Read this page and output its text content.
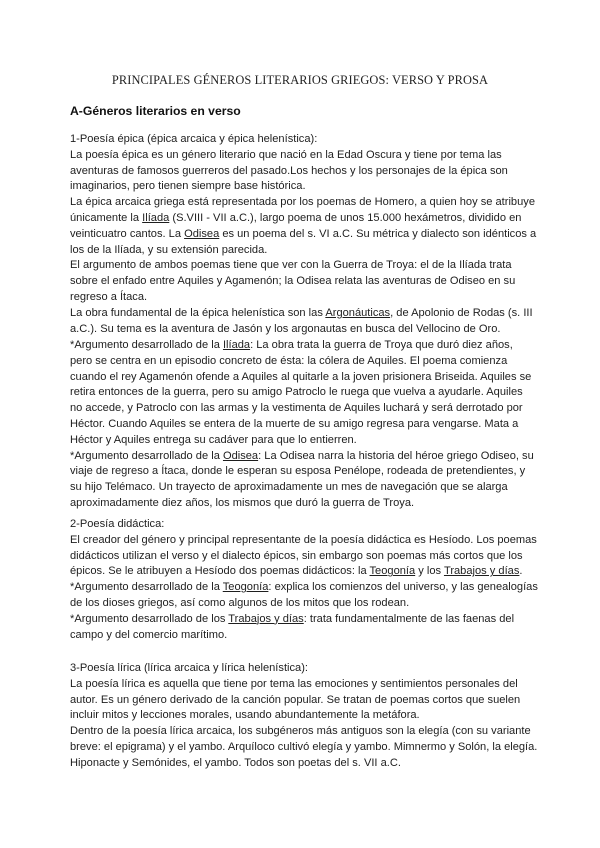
PRINCIPALES GÉNEROS LITERARIOS GRIEGOS: VERSO Y PROSA
A-Géneros literarios en verso

1-Poesía épica (épica arcaica y épica helenística):

La poesía épica es un género literario que nació en la Edad Oscura y tiene por tema las aventuras de famosos guerreros del pasado.Los hechos y los personajes de la épica son imaginarios, pero tienen siempre base histórica.

La épica arcaica griega está representada por los poemas de Homero, a quien hoy se atribuye únicamente la Ilíada (S.VIII - VII a.C.), largo poema de unos 15.000 hexámetros, dividido en veinticuatro cantos. La Odisea es un poema del s. VI a.C. Su métrica y dialecto son idénticos a los de la Ilíada, y su extensión parecida.

El argumento de ambos poemas tiene que ver con la Guerra de Troya: el de la Ilíada trata sobre el enfado entre Aquiles y Agamenón; la Odisea relata las aventuras de Odiseo en su regreso a Ítaca.

La obra fundamental de la épica helenística son las Argonáuticas, de Apolonio de Rodas (s. III a.C.). Su tema es la aventura de Jasón y los argonautas en busca del Vellocino de Oro.

*Argumento desarrollado de la Ilíada: La obra trata la guerra de Troya que duró diez años, pero se centra en un episodio concreto de ésta: la cólera de Aquiles. El poema comienza cuando el rey Agamenón ofende a Aquiles al quitarle a la joven prisionera Briseida. Aquiles se retira entonces de la guerra, pero su amigo Patroclo le ruega que vuelva a ayudarle. Aquiles no accede, y Patroclo con las armas y la vestimenta de Aquiles luchará y será derrotado por Héctor. Cuando Aquiles se entera de la muerte de su amigo regresa para vengarse. Mata a Héctor y Aquiles entrega su cadáver para que lo entierren.

*Argumento desarrollado de la Odisea: La Odisea narra la historia del héroe griego Odiseo, su viaje de regreso a Ítaca, donde le esperan su esposa Penélope, rodeada de pretendientes, y su hijo Telémaco. Un trayecto de aproximadamente un mes de navegación que se alarga aproximadamente diez años, los mismos que duró la guerra de Troya.

2-Poesía didáctica:

El creador del género y principal representante de la poesía didáctica es Hesíodo. Los poemas didácticos utilizan el verso y el dialecto épicos, sin embargo son poemas más cortos que los épicos. Se le atribuyen a Hesíodo dos poemas didácticos: la Teogonía y los Trabajos y días.

*Argumento desarrollado de la Teogonía: explica los comienzos del universo, y las genealogías de los dioses griegos, así como algunos de los mitos que los rodean.

*Argumento desarrollado de los Trabajos y días: trata fundamentalmente de las faenas del campo y del comercio marítimo.

3-Poesía lírica (lírica arcaica y lírica helenística):

La poesía lírica es aquella que tiene por tema las emociones y sentimientos personales del autor. Es un género derivado de la canción popular. Se tratan de poemas cortos que suelen incluir mitos y lecciones morales, usando abundantemente la metáfora.

Dentro de la poesía lírica arcaica, los subgéneros más antiguos son la elegía (con su variante breve: el epigrama) y el yambo. Arquíloco cultivó elegía y yambo. Mimnermo y Solón, la elegía. Hiponacte y Semónides, el yambo. Todos son poetas del s. VII a.C.
